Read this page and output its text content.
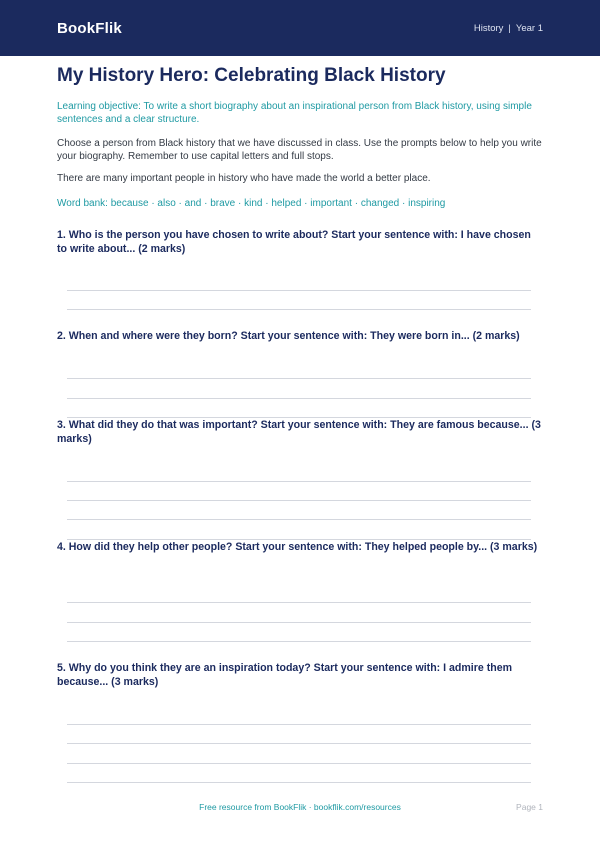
BookFlik	History | Year 1
My History Hero: Celebrating Black History
Learning objective: To write a short biography about an inspirational person from Black history, using simple sentences and a clear structure.
Choose a person from Black history that we have discussed in class. Use the prompts below to help you write your biography. Remember to use capital letters and full stops.
There are many important people in history who have made the world a better place.
Word bank: because · also · and · brave · kind · helped · important · changed · inspiring
1. Who is the person you have chosen to write about? Start your sentence with: I have chosen to write about... (2 marks)
2. When and where were they born? Start your sentence with: They were born in... (2 marks)
3. What did they do that was important? Start your sentence with: They are famous because... (3 marks)
4. How did they help other people? Start your sentence with: They helped people by... (3 marks)
5. Why do you think they are an inspiration today? Start your sentence with: I admire them because... (3 marks)
Free resource from BookFlik · bookflik.com/resources	Page 1
